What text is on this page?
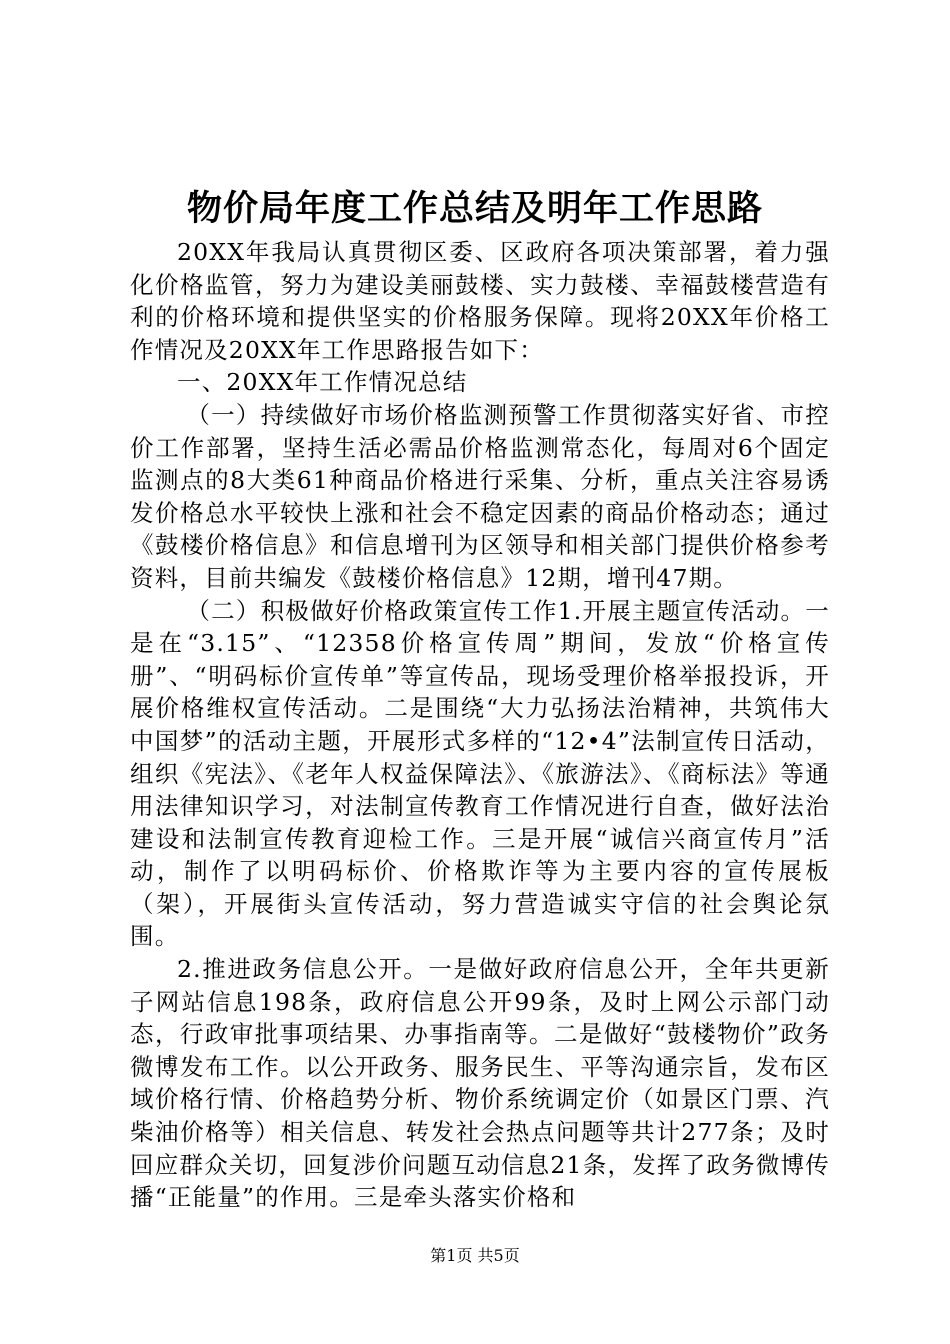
物价局年度工作总结及明年工作思路

20XX年我局认真贯彻区委、区政府各项决策部署，着力强化价格监管，努力为建设美丽鼓楼、实力鼓楼、幸福鼓楼营造有利的价格环境和提供坚实的价格服务保障。现将20XX年价格工作情况及20XX年工作思路报告如下：

一、20XX年工作情况总结

（一）持续做好市场价格监测预警工作贯彻落实好省、市控价工作部署，坚持生活必需品价格监测常态化，每周对6个固定监测点的8大类61种商品价格进行采集、分析，重点关注容易诱发价格总水平较快上涨和社会不稳定因素的商品价格动态；通过《鼓楼价格信息》和信息增刊为区领导和相关部门提供价格参考资料，目前共编发《鼓楼价格信息》12期，增刊47期。

（二）积极做好价格政策宣传工作1.开展主题宣传活动。一是在“3.15”、“12358价格宣传周”期间，发放“价格宣传册”、“明码标价宣传单”等宣传品，现场受理价格举报投诉，开展价格维权宣传活动。二是围绕“大力弘扬法治精神，共筑伟大中国梦”的活动主题，开展形式多样的“12•4”法制宣传日活动，组织《宪法》、《老年人权益保障法》、《旅游法》、《商标法》等通用法律知识学习，对法制宣传教育工作情况进行自查，做好法治建设和法制宣传教育迎检工作。三是开展“诚信兴商宣传月”活动，制作了以明码标价、价格欺诈等为主要内容的宣传展板（架），开展街头宣传活动，努力营造诚实守信的社会舆论氛围。

2.推进政务信息公开。一是做好政府信息公开，全年共更新子网站信息198条，政府信息公开99条，及时上网公示部门动态，行政审批事项结果、办事指南等。二是做好“鼓楼物价”政务微博发布工作。以公开政务、服务民生、平等沟通宗旨，发布区域价格行情、价格趋势分析、物价系统调定价（如景区门票、汽柴油价格等）相关信息、转发社会热点问题等共计277条；及时回应群众关切，回复涉价问题互动信息21条，发挥了政务微博传播“正能量”的作用。三是牵头落实价格和

第1页 共5页
